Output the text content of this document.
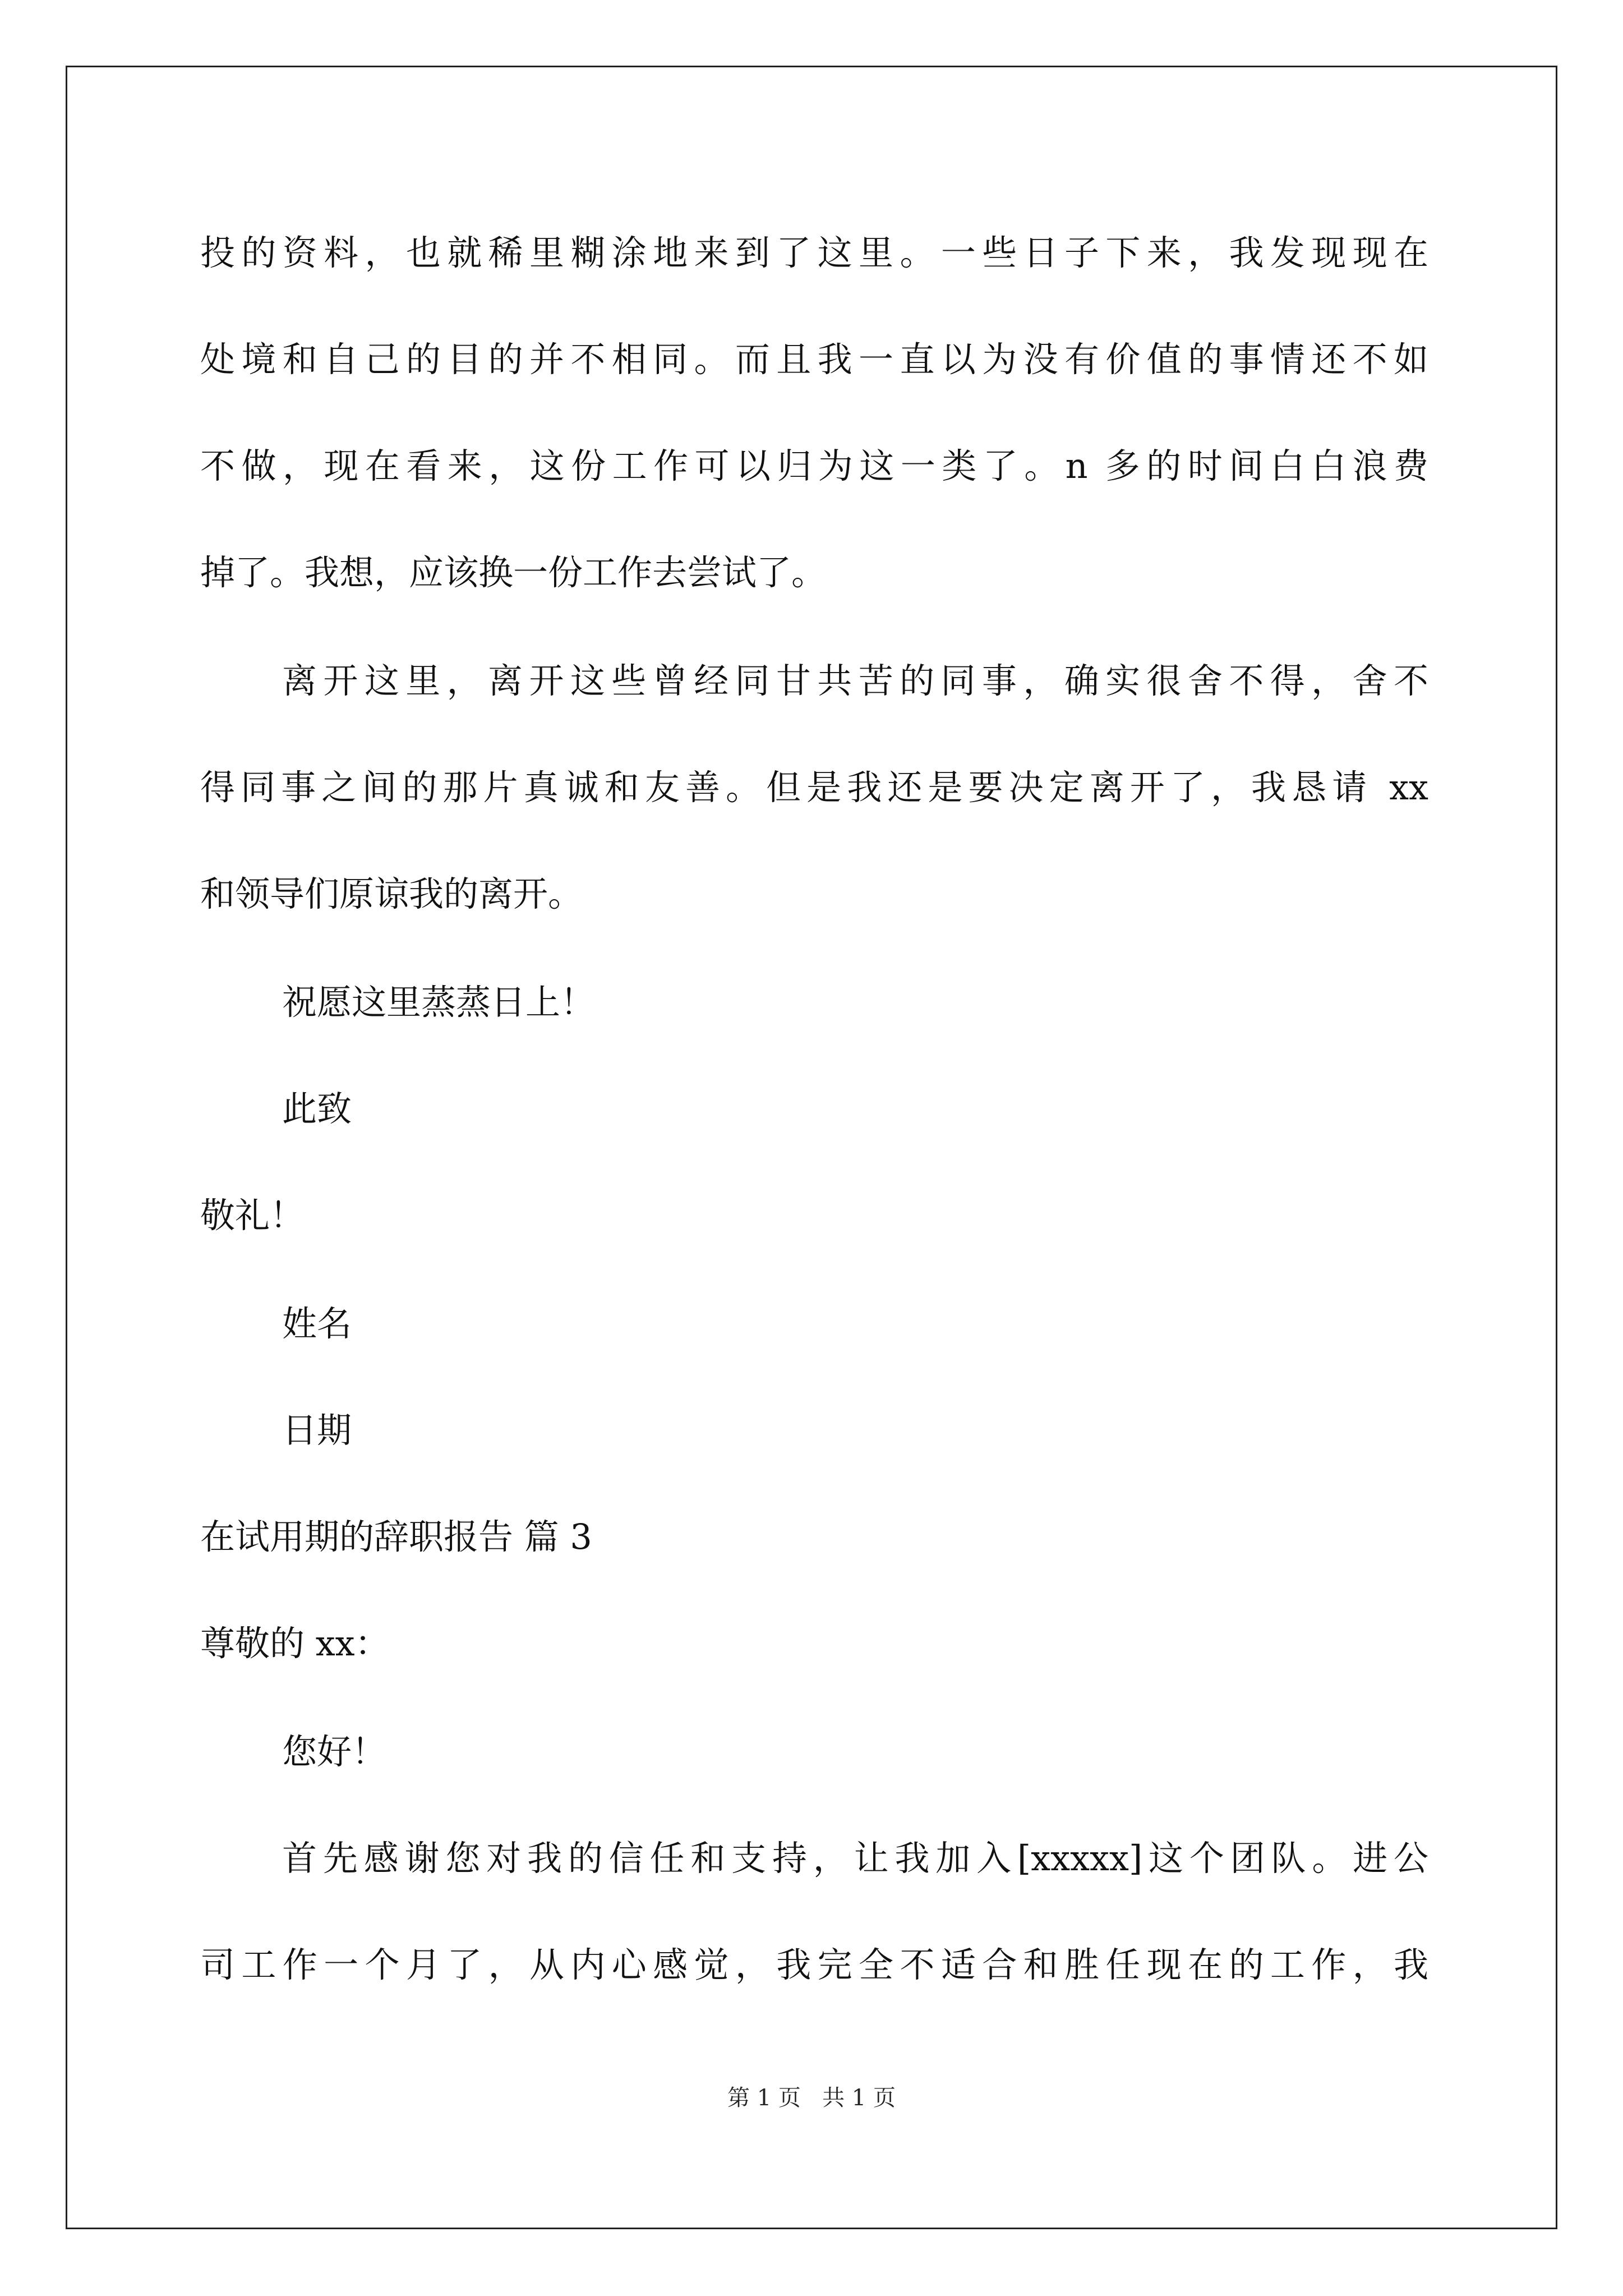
投的资料，也就稀里糊涂地来到了这里。一些日子下来，我发现现在
处境和自己的目的并不相同。而且我一直以为没有价值的事情还不如
不做，现在看来，这份工作可以归为这一类了。n 多的时间白白浪费
掉了。我想，应该换一份工作去尝试了。
离开这里，离开这些曾经同甘共苦的同事，确实很舍不得，舍不
得同事之间的那片真诚和友善。但是我还是要决定离开了，我恳请 xx
和领导们原谅我的离开。
祝愿这里蒸蒸日上！
此致
敬礼！
姓名
日期
在试用期的辞职报告 篇 3
尊敬的 xx：
您好！
首先感谢您对我的信任和支持，让我加入[xxxxx]这个团队。进公
司工作一个月了，从内心感觉，我完全不适合和胜任现在的工作，我
第 1 页   共 1 页
